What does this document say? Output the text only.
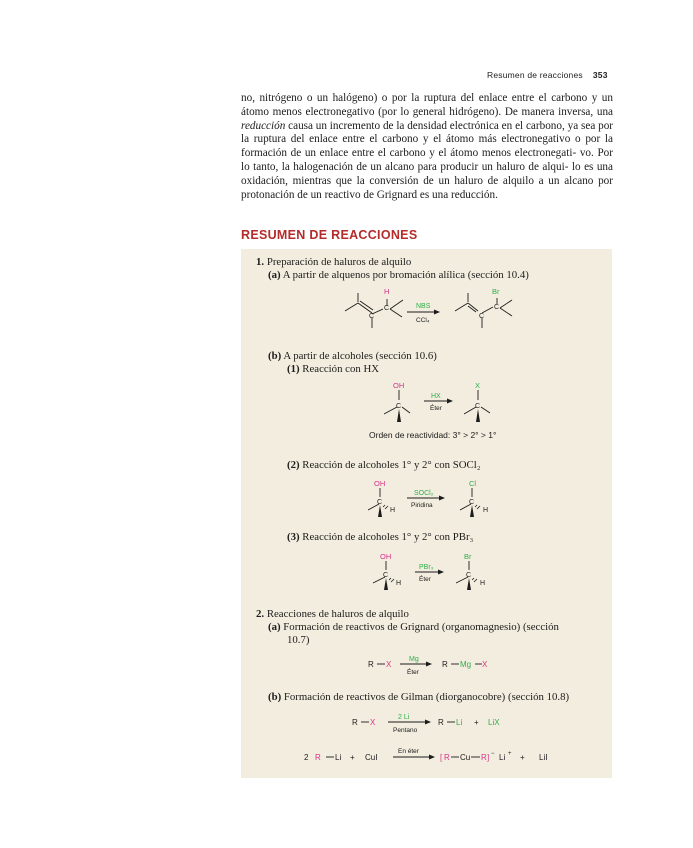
Resumen de reacciones 353
no, nitrógeno o un halógeno) o por la ruptura del enlace entre el carbono y un átomo menos electronegativo (por lo general hidrógeno). De manera inversa, una reducción causa un incremento de la densidad electrónica en el carbono, ya sea por la ruptura del enlace entre el carbono y el átomo más electronegativo o por la formación de un enlace entre el carbono y el átomo menos electronegati- vo. Por lo tanto, la halogenación de un alcano para producir un haluro de alqui- lo es una oxidación, mientras que la conversión de un haluro de alquilo a un alcano por protonación de un reactivo de Grignard es una reducción.
RESUMEN DE REACCIONES
1. Preparación de haluros de alquilo
(a) A partir de alquenos por bromación alílica (sección 10.4)
(b) A partir de alcoholes (sección 10.6)
(1) Reacción con HX
Orden de reactividad: 3° > 2° > 1°
(2) Reacción de alcoholes 1° y 2° con SOCl₂
(3) Reacción de alcoholes 1° y 2° con PBr₃
2. Reacciones de haluros de alquilo
(a) Formación de reactivos de Grignard (organomagnesio) (sección
10.7)
(b) Formación de reactivos de Gilman (diorganocobre) (sección 10.8)
H
C
C	NBS
CCl₄
Br
C
C
OH
C
HX
Éter
X
C
OH
C
H
SOCl₂
Piridina
Cl
C
H
OH
C
H
PBr₃
Éter
Br
C
H
R X
Mg
Éter
R Mg X
R X
2 Li
Pentano
R Li + LiX
2 R Li + CuI
En éter
[ R Cu R ] − Li + + LiI
